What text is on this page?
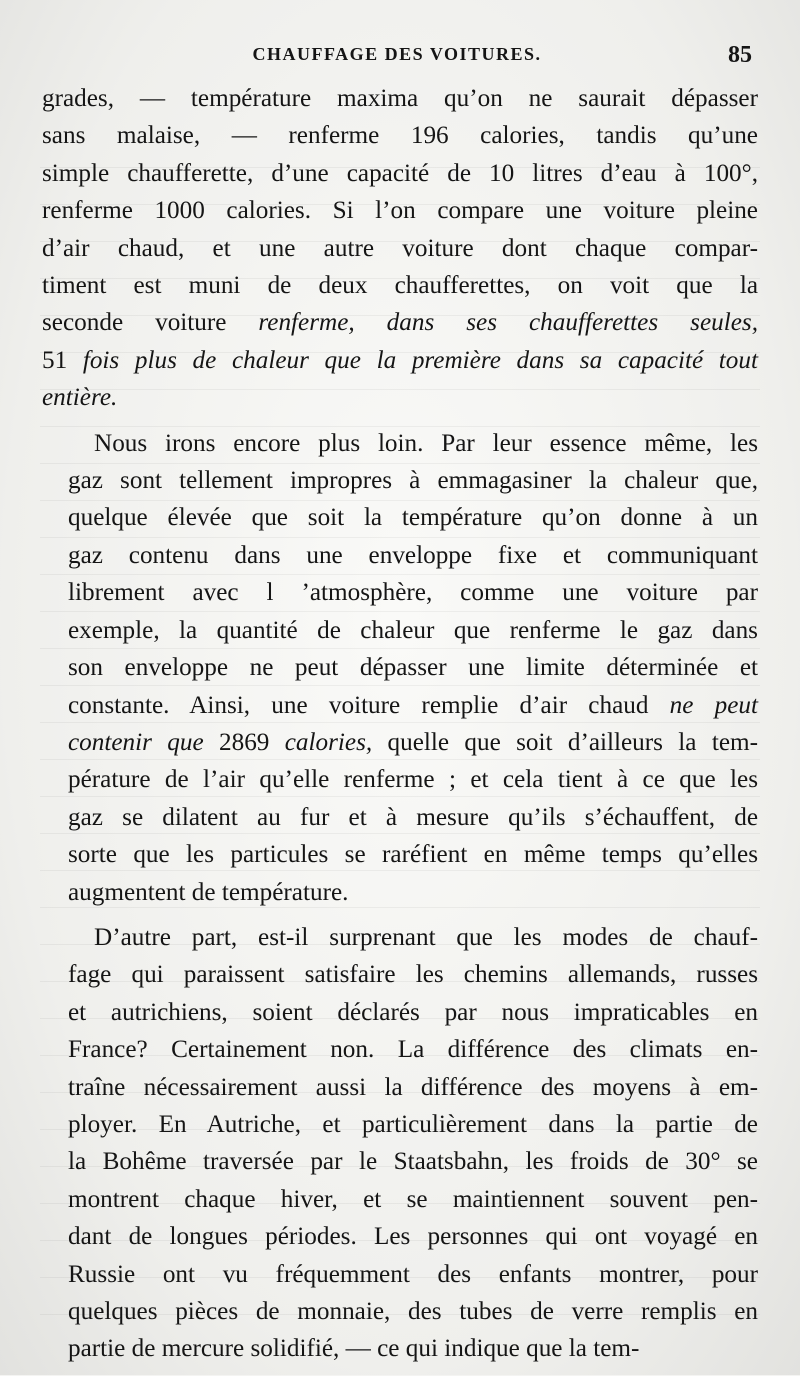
CHAUFFAGE DES VOITURES.	85
grades, — température maxima qu’on ne saurait dépasser
sans malaise, — renferme 196 calories, tandis qu’une
simple chaufferette, d’une capacité de 10 litres d’eau à 100°,
renferme 1000 calories. Si l’on compare une voiture pleine
d’air chaud, et une autre voiture dont chaque compar-
timent est muni de deux chaufferettes, on voit que la
seconde voiture renferme, dans ses chaufferettes seules,
51 fois plus de chaleur que la première dans sa capacité tout
entière.
Nous irons encore plus loin. Par leur essence même, les
gaz sont tellement impropres à emmagasiner la chaleur que,
quelque élevée que soit la température qu’on donne à un
gaz contenu dans une enveloppe fixe et communiquant
librement avec l ’atmosphère, comme une voiture par
exemple, la quantité de chaleur que renferme le gaz dans
son enveloppe ne peut dépasser une limite déterminée et
constante. Ainsi, une voiture remplie d’air chaud ne peut
contenir que 2869 calories, quelle que soit d’ailleurs la tem-
pérature de l’air qu’elle renferme ; et cela tient à ce que les
gaz se dilatent au fur et à mesure qu’ils s’échauffent, de
sorte que les particules se raréfient en même temps qu’elles
augmentent de température.
D’autre part, est-il surprenant que les modes de chauf-
fage qui paraissent satisfaire les chemins allemands, russes
et autrichiens, soient déclarés par nous impraticables en
France? Certainement non. La différence des climats en-
traîne nécessairement aussi la différence des moyens à em-
ployer. En Autriche, et particulièrement dans la partie de
la Bohême traversée par le Staatsbahn, les froids de 30° se
montrent chaque hiver, et se maintiennent souvent pen-
dant de longues périodes. Les personnes qui ont voyagé en
Russie ont vu fréquemment des enfants montrer, pour
quelques pièces de monnaie, des tubes de verre remplis en
partie de mercure solidifié, — ce qui indique que la tem-
